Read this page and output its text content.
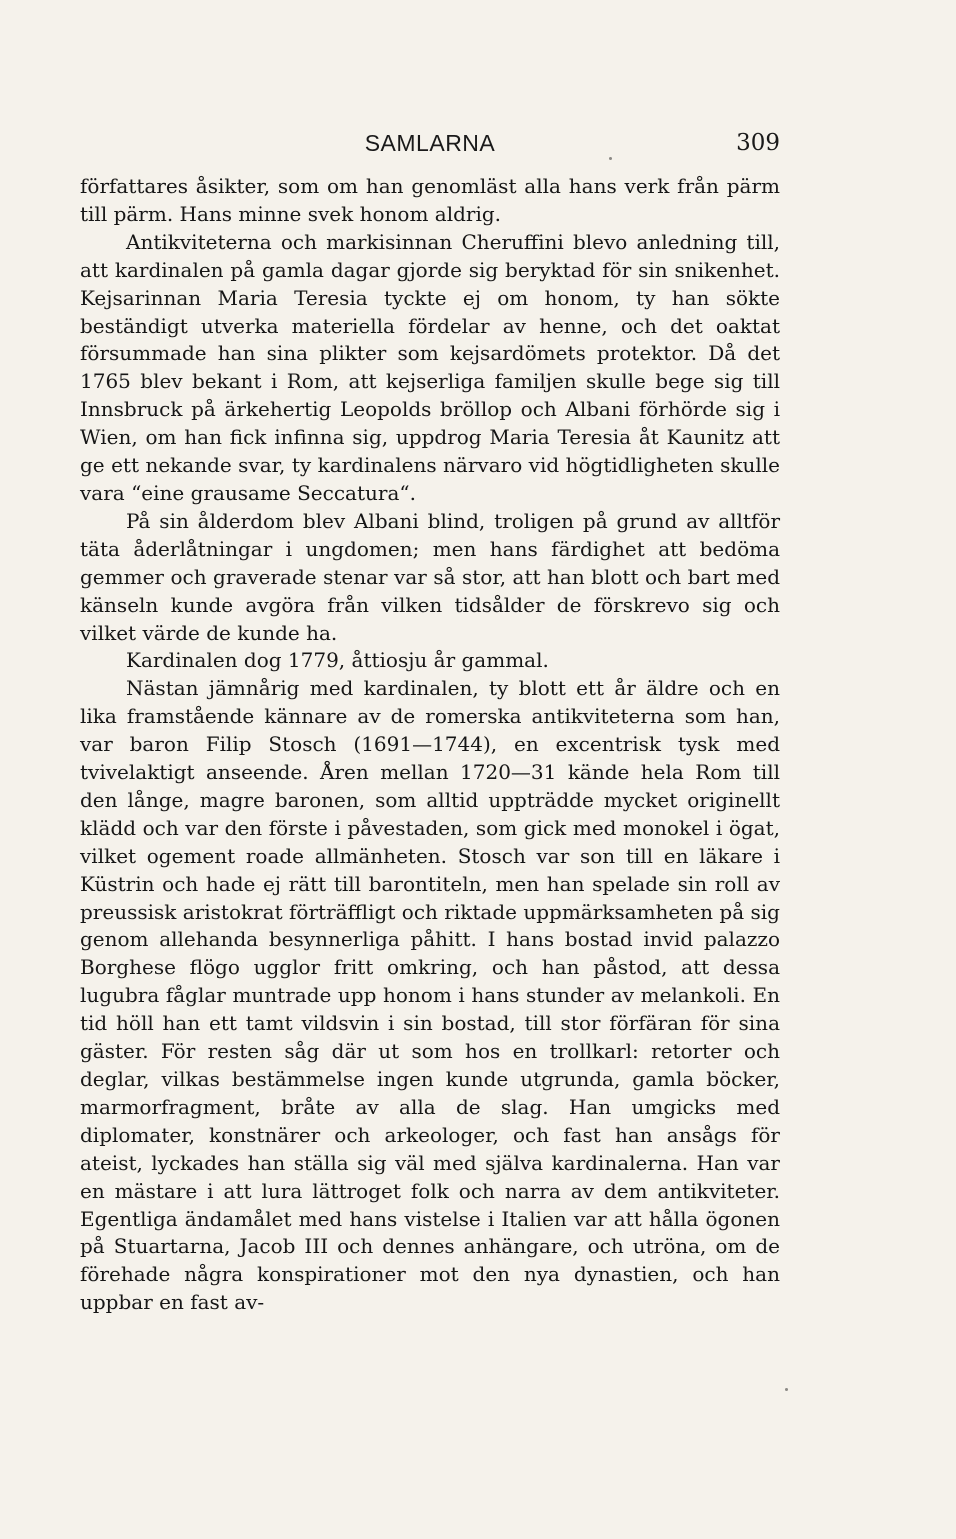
SAMLARNA	309

författares åsikter, som om han genomläst alla hans verk från pärm till pärm. Hans minne svek honom aldrig.

Antikviteterna och markisinnan Cheruffini blevo anledning till, att kardinalen på gamla dagar gjorde sig beryktad för sin snikenhet. Kejsarinnan Maria Teresia tyckte ej om honom, ty han sökte beständigt utverka materiella fördelar av henne, och det oaktat försummade han sina plikter som kejsardömets protektor. Då det 1765 blev bekant i Rom, att kejserliga familjen skulle bege sig till Innsbruck på ärkehertig Leopolds bröllop och Albani förhörde sig i Wien, om han fick infinna sig, uppdrog Maria Teresia åt Kaunitz att ge ett nekande svar, ty kardinalens närvaro vid högtidligheten skulle vara “eine grausame Seccatura“.

På sin ålderdom blev Albani blind, troligen på grund av alltför täta åderlåtningar i ungdomen; men hans färdighet att bedöma gemmer och graverade stenar var så stor, att han blott och bart med känseln kunde avgöra från vilken tidsålder de förskrevo sig och vilket värde de kunde ha.

Kardinalen dog 1779, åttiosju år gammal.

Nästan jämnårig med kardinalen, ty blott ett år äldre och en lika framstående kännare av de romerska antikviteterna som han, var baron Filip Stosch (1691—1744), en excentrisk tysk med tvivelaktigt anseende. Åren mellan 1720—31 kände hela Rom till den långe, magre baronen, som alltid uppträdde mycket originellt klädd och var den förste i påvestaden, som gick med monokel i ögat, vilket ogement roade allmänheten. Stosch var son till en läkare i Küstrin och hade ej rätt till barontiteln, men han spelade sin roll av preussisk aristokrat förträffligt och riktade uppmärksamheten på sig genom allehanda besynnerliga påhitt. I hans bostad invid palazzo Borghese flögo ugglor fritt omkring, och han påstod, att dessa lugubra fåglar muntrade upp honom i hans stunder av melankoli. En tid höll han ett tamt vildsvin i sin bostad, till stor förfäran för sina gäster. För resten såg där ut som hos en trollkarl: retorter och deglar, vilkas bestämmelse ingen kunde utgrunda, gamla böcker, marmorfragment, bråte av alla de slag. Han umgicks med diplomater, konstnärer och arkeologer, och fast han ansågs för ateist, lyckades han ställa sig väl med själva kardinalerna. Han var en mästare i att lura lättroget folk och narra av dem antikviteter. Egentliga ändamålet med hans vistelse i Italien var att hålla ögonen på Stuartarna, Jacob III och dennes anhängare, och utröna, om de förehade några konspirationer mot den nya dynastien, och han uppbar en fast av-
